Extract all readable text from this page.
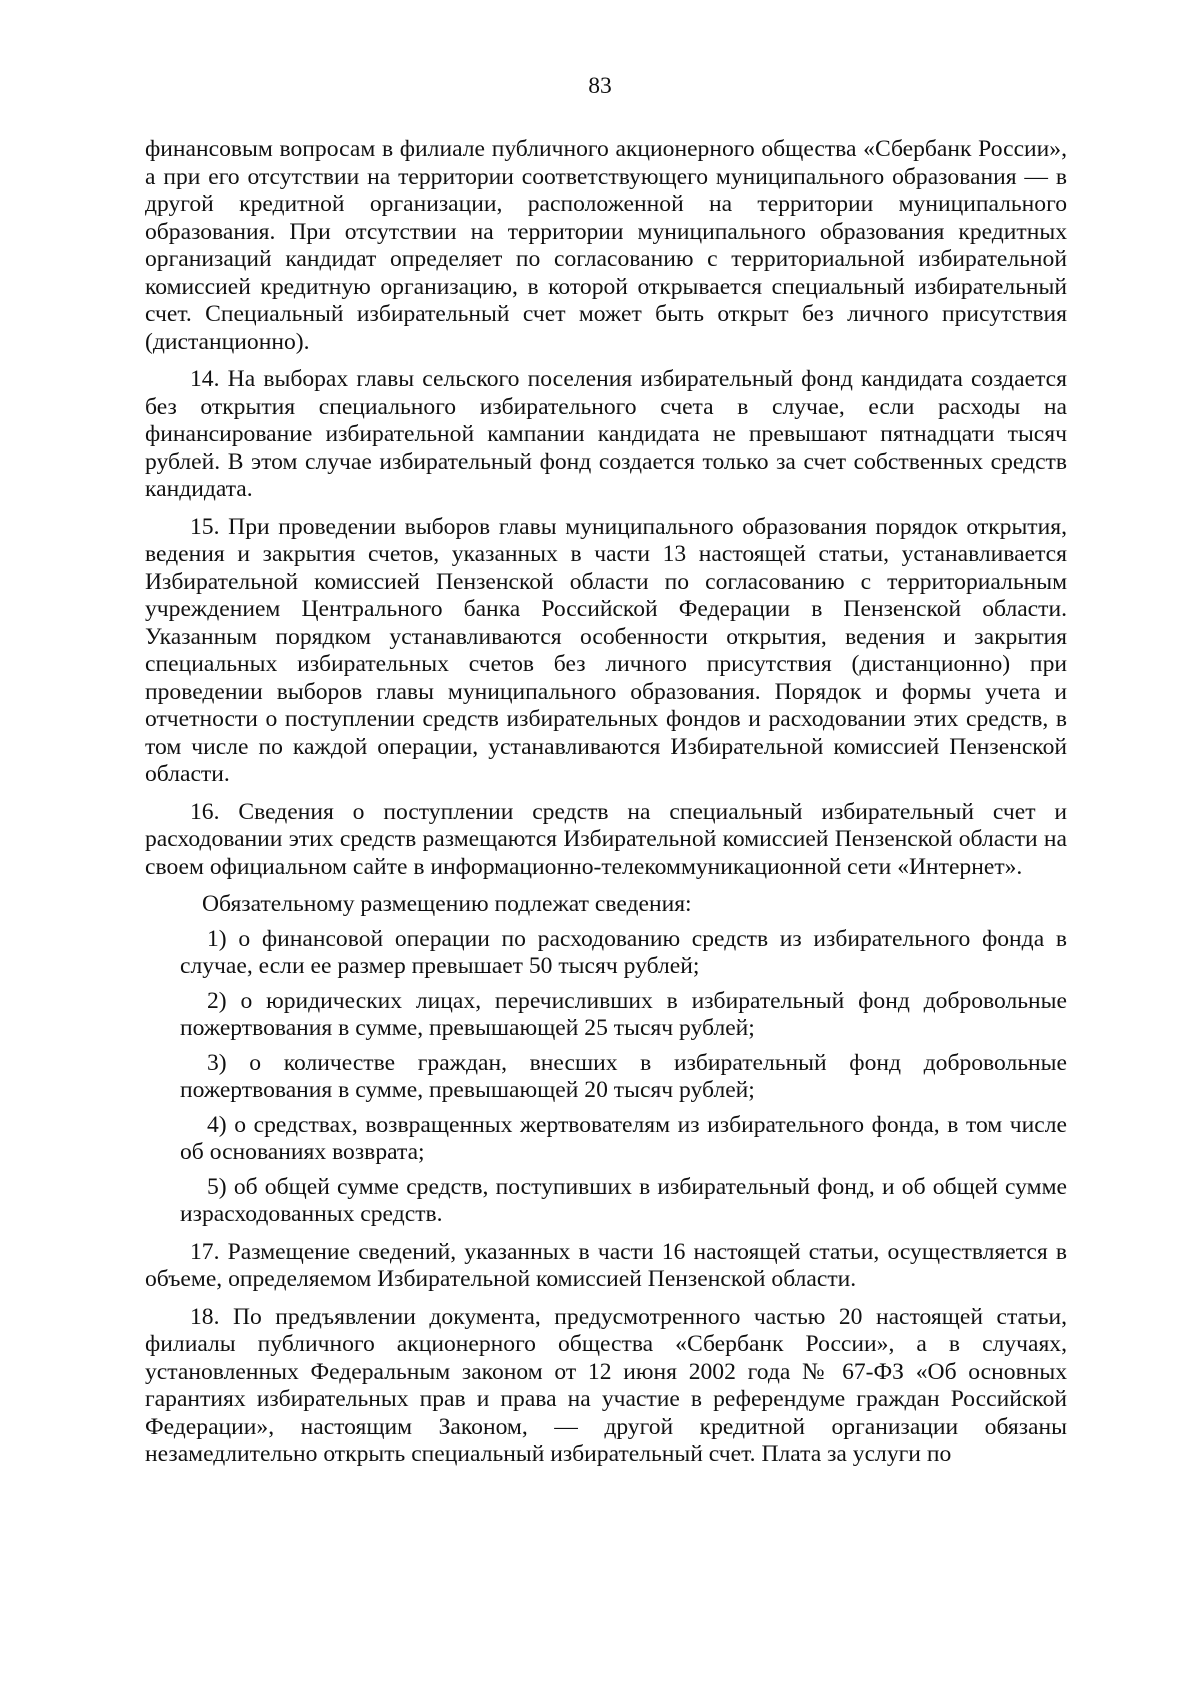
83

финансовым вопросам в филиале публичного акционерного общества «Сбербанк России», а при его отсутствии на территории соответствующего муниципального образования — в другой кредитной организации, расположенной на территории муниципального образования. При отсутствии на территории муниципального образования кредитных организаций кандидат определяет по согласованию с территориальной избирательной комиссией кредитную организацию, в которой открывается специальный избирательный счет. Специальный избирательный счет может быть открыт без личного присутствия (дистанционно).

14. На выборах главы сельского поселения избирательный фонд кандидата создается без открытия специального избирательного счета в случае, если расходы на финансирование избирательной кампании кандидата не превышают пятнадцати тысяч рублей. В этом случае избирательный фонд создается только за счет собственных средств кандидата.

15. При проведении выборов главы муниципального образования порядок открытия, ведения и закрытия счетов, указанных в части 13 настоящей статьи, устанавливается Избирательной комиссией Пензенской области по согласованию с территориальным учреждением Центрального банка Российской Федерации в Пензенской области. Указанным порядком устанавливаются особенности открытия, ведения и закрытия специальных избирательных счетов без личного присутствия (дистанционно) при проведении выборов главы муниципального образования. Порядок и формы учета и отчетности о поступлении средств избирательных фондов и расходовании этих средств, в том числе по каждой операции, устанавливаются Избирательной комиссией Пензенской области.

16. Сведения о поступлении средств на специальный избирательный счет и расходовании этих средств размещаются Избирательной комиссией Пензенской области на своем официальном сайте в информационно-телекоммуникационной сети «Интернет».

Обязательному размещению подлежат сведения:

1) о финансовой операции по расходованию средств из избирательного фонда в случае, если ее размер превышает 50 тысяч рублей;

2) о юридических лицах, перечисливших в избирательный фонд добровольные пожертвования в сумме, превышающей 25 тысяч рублей;

3) о количестве граждан, внесших в избирательный фонд добровольные пожертвования в сумме, превышающей 20 тысяч рублей;

4) о средствах, возвращенных жертвователям из избирательного фонда, в том числе об основаниях возврата;

5) об общей сумме средств, поступивших в избирательный фонд, и об общей сумме израсходованных средств.

17. Размещение сведений, указанных в части 16 настоящей статьи, осуществляется в объеме, определяемом Избирательной комиссией Пензенской области.

18. По предъявлении документа, предусмотренного частью 20 настоящей статьи, филиалы публичного акционерного общества «Сбербанк России», а в случаях, установленных Федеральным законом от 12 июня 2002 года № 67-ФЗ «Об основных гарантиях избирательных прав и права на участие в референдуме граждан Российской Федерации», настоящим Законом, — другой кредитной организации обязаны незамедлительно открыть специальный избирательный счет. Плата за услуги по
